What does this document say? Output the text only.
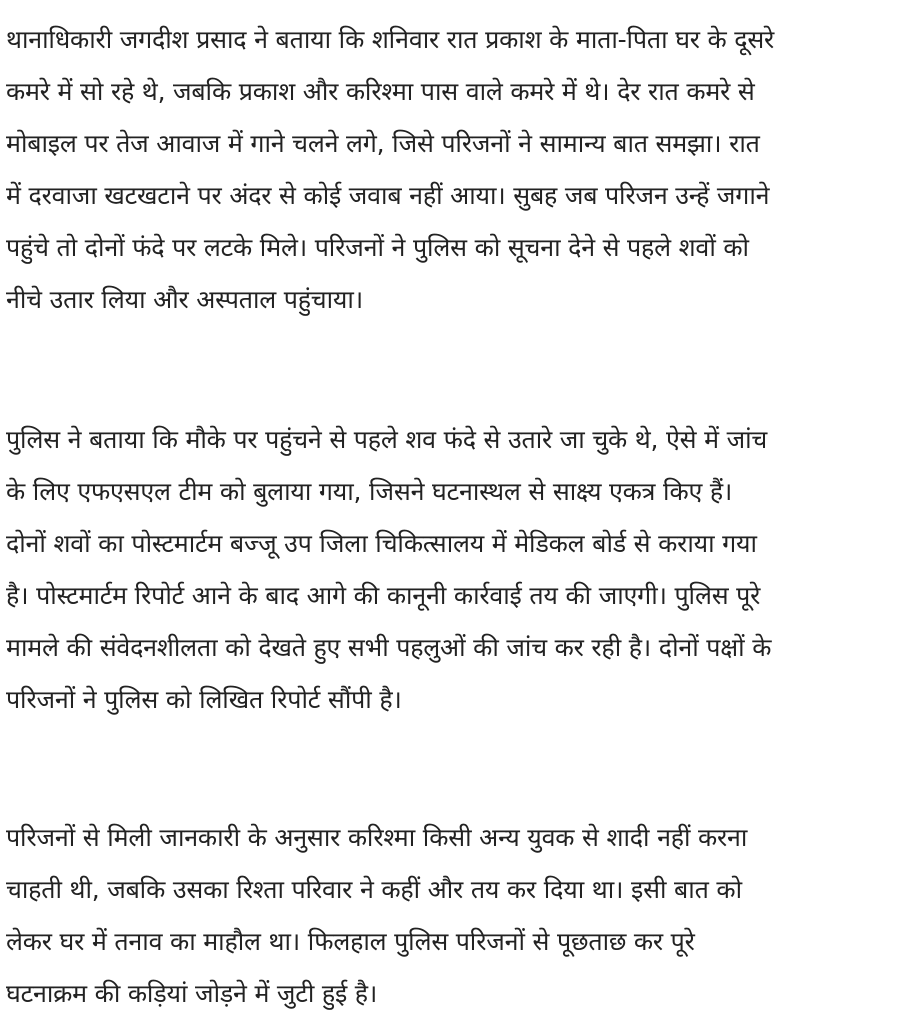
थानाधिकारी जगदीश प्रसाद ने बताया कि शनिवार रात प्रकाश के माता-पिता घर के दूसरे
कमरे में सो रहे थे, जबकि प्रकाश और करिश्मा पास वाले कमरे में थे। देर रात कमरे से
मोबाइल पर तेज आवाज में गाने चलने लगे, जिसे परिजनों ने सामान्य बात समझा। रात
में दरवाजा खटखटाने पर अंदर से कोई जवाब नहीं आया। सुबह जब परिजन उन्हें जगाने
पहुंचे तो दोनों फंदे पर लटके मिले। परिजनों ने पुलिस को सूचना देने से पहले शवों को
नीचे उतार लिया और अस्पताल पहुंचाया।
पुलिस ने बताया कि मौके पर पहुंचने से पहले शव फंदे से उतारे जा चुके थे, ऐसे में जांच
के लिए एफएसएल टीम को बुलाया गया, जिसने घटनास्थल से साक्ष्य एकत्र किए हैं।
दोनों शवों का पोस्टमार्टम बज्जू उप जिला चिकित्सालय में मेडिकल बोर्ड से कराया गया
है। पोस्टमार्टम रिपोर्ट आने के बाद आगे की कानूनी कार्रवाई तय की जाएगी। पुलिस पूरे
मामले की संवेदनशीलता को देखते हुए सभी पहलुओं की जांच कर रही है। दोनों पक्षों के
परिजनों ने पुलिस को लिखित रिपोर्ट सौंपी है।
परिजनों से मिली जानकारी के अनुसार करिश्मा किसी अन्य युवक से शादी नहीं करना
चाहती थी, जबकि उसका रिश्ता परिवार ने कहीं और तय कर दिया था। इसी बात को
लेकर घर में तनाव का माहौल था। फिलहाल पुलिस परिजनों से पूछताछ कर पूरे
घटनाक्रम की कड़ियां जोड़ने में जुटी हुई है।
